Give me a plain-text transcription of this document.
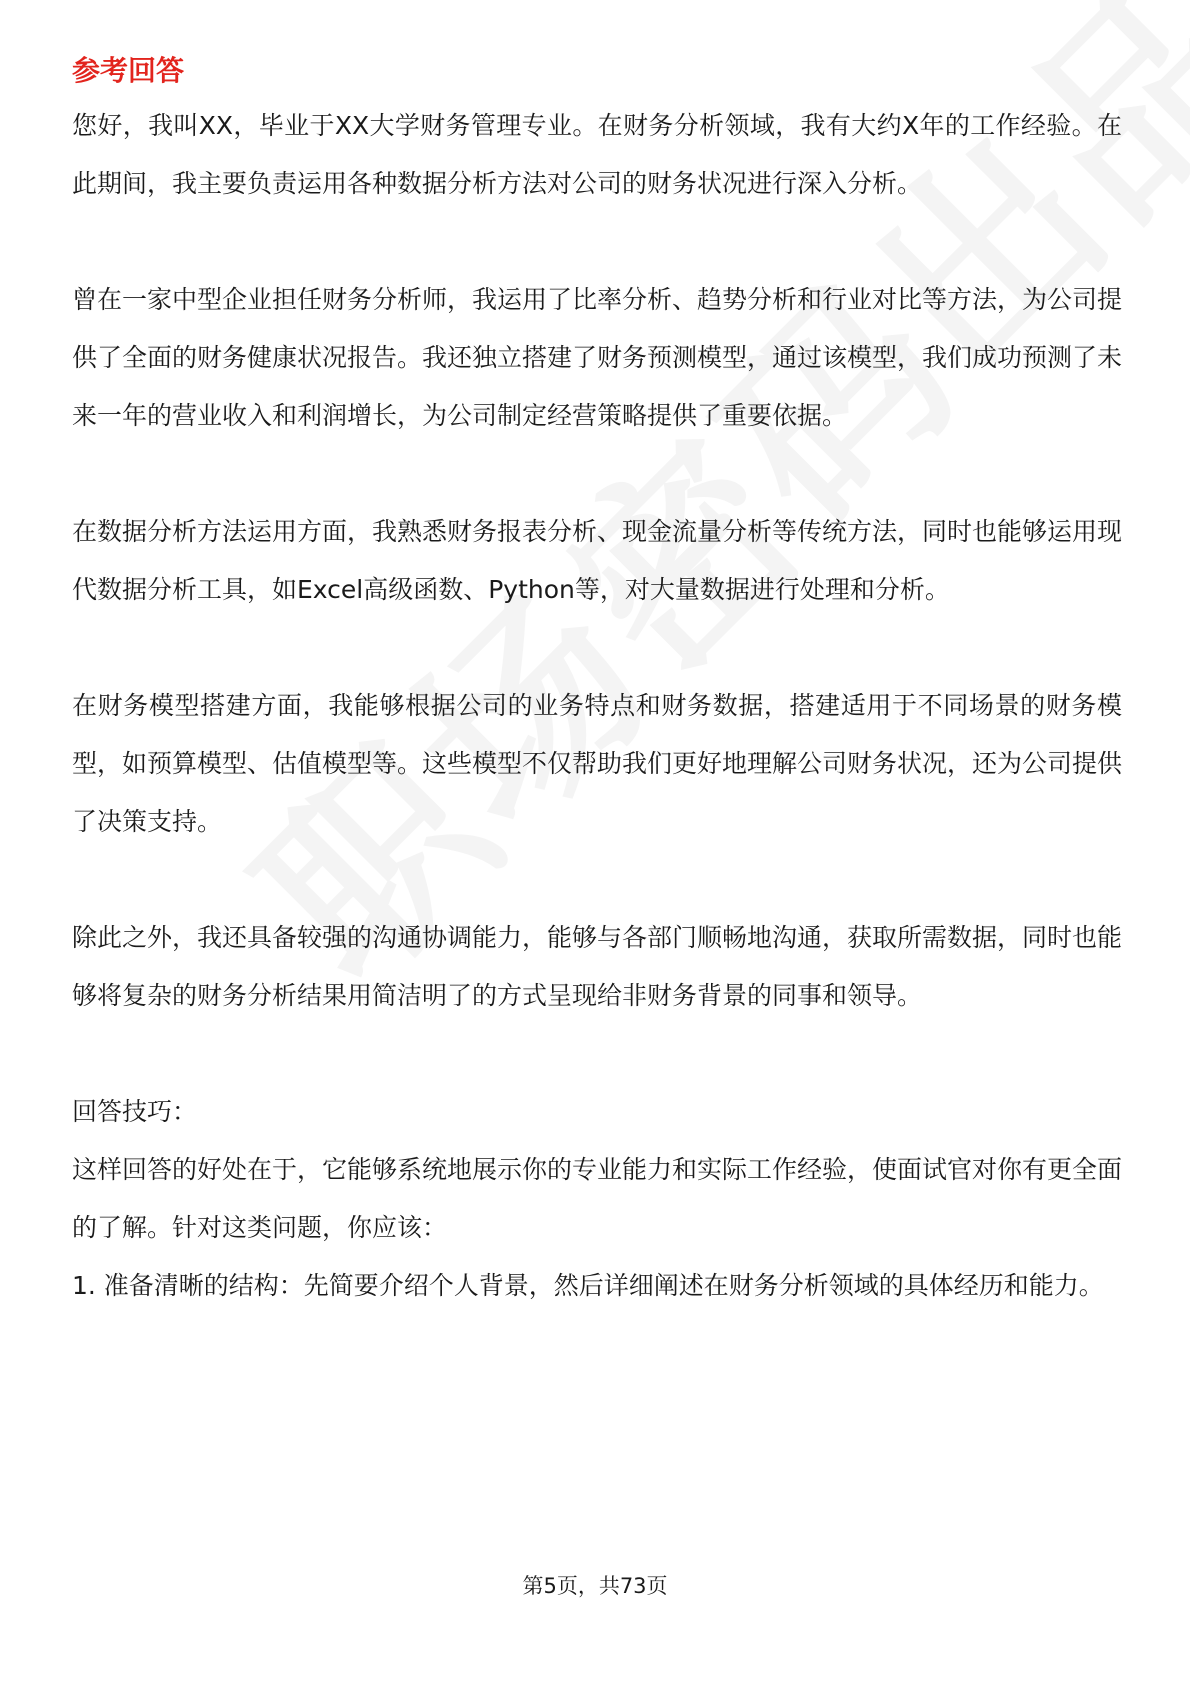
参考回答

您好，我叫XX，毕业于XX大学财务管理专业。在财务分析领域，我有大约X年的工作经验。在此期间，我主要负责运用各种数据分析方法对公司的财务状况进行深入分析。

曾在一家中型企业担任财务分析师，我运用了比率分析、趋势分析和行业对比等方法，为公司提供了全面的财务健康状况报告。我还独立搭建了财务预测模型，通过该模型，我们成功预测了未来一年的营业收入和利润增长，为公司制定经营策略提供了重要依据。

在数据分析方法运用方面，我熟悉财务报表分析、现金流量分析等传统方法，同时也能够运用现代数据分析工具，如Excel高级函数、Python等，对大量数据进行处理和分析。

在财务模型搭建方面，我能够根据公司的业务特点和财务数据，搭建适用于不同场景的财务模型，如预算模型、估值模型等。这些模型不仅帮助我们更好地理解公司财务状况，还为公司提供了决策支持。

除此之外，我还具备较强的沟通协调能力，能够与各部门顺畅地沟通，获取所需数据，同时也能够将复杂的财务分析结果用简洁明了的方式呈现给非财务背景的同事和领导。

回答技巧：

这样回答的好处在于，它能够系统地展示你的专业能力和实际工作经验，使面试官对你有更全面的了解。针对这类问题，你应该：

1. 准备清晰的结构：先简要介绍个人背景，然后详细阐述在财务分析领域的具体经历和能力。

第5页，共73页
